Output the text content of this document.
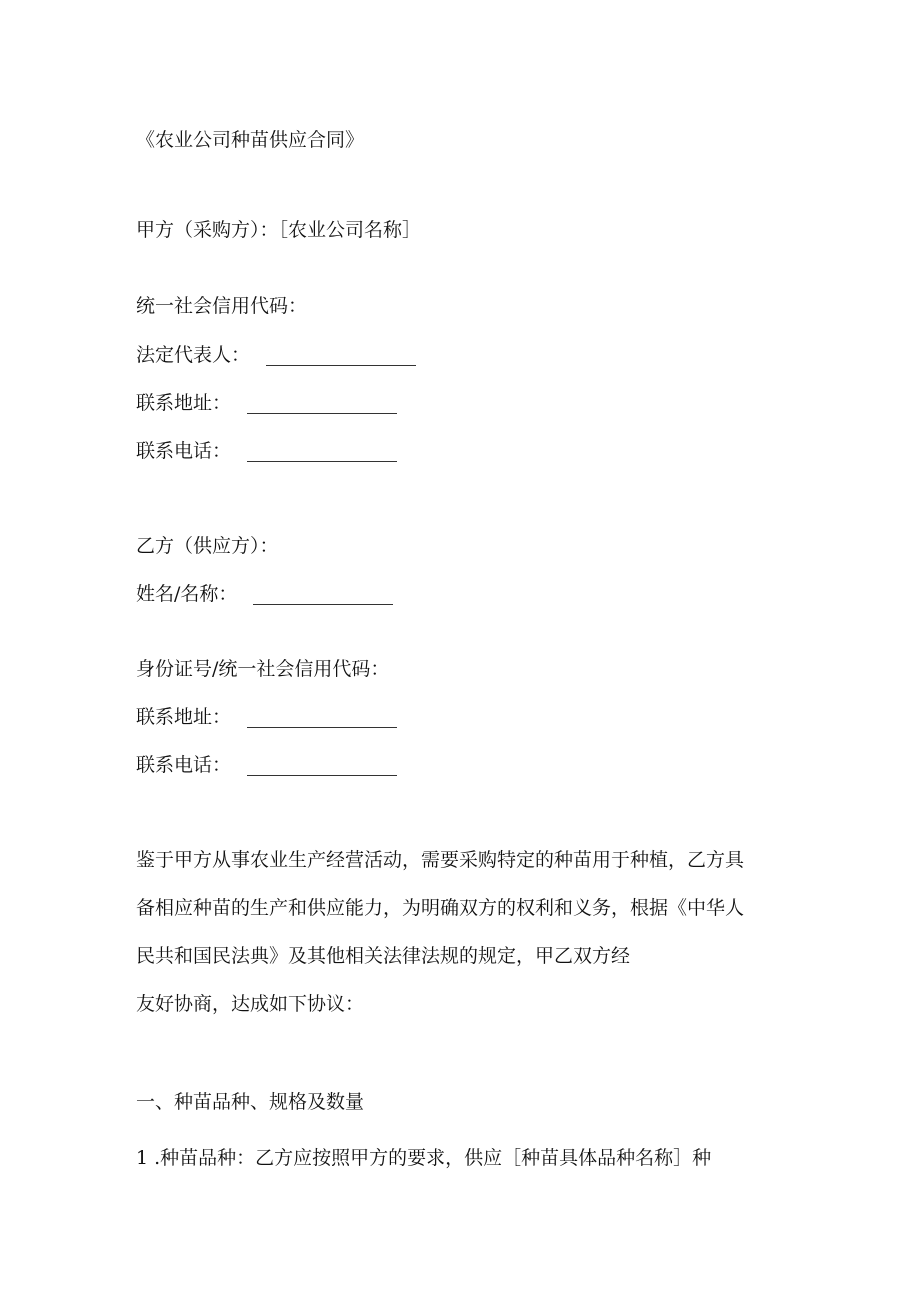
《农业公司种苗供应合同》
甲方（采购方）：［农业公司名称］
统一社会信用代码：
法定代表人：
联系地址：
联系电话：
乙方（供应方）：
姓名/名称：
身份证号/统一社会信用代码：
联系地址：
联系电话：
鉴于甲方从事农业生产经营活动，需要采购特定的种苗用于种植，乙方具
备相应种苗的生产和供应能力，为明确双方的权利和义务，根据《中华人
民共和国民法典》及其他相关法律法规的规定，甲乙双方经
友好协商，达成如下协议：
一、种苗品种、规格及数量
1 .种苗品种：乙方应按照甲方的要求，供应［种苗具体品种名称］种
